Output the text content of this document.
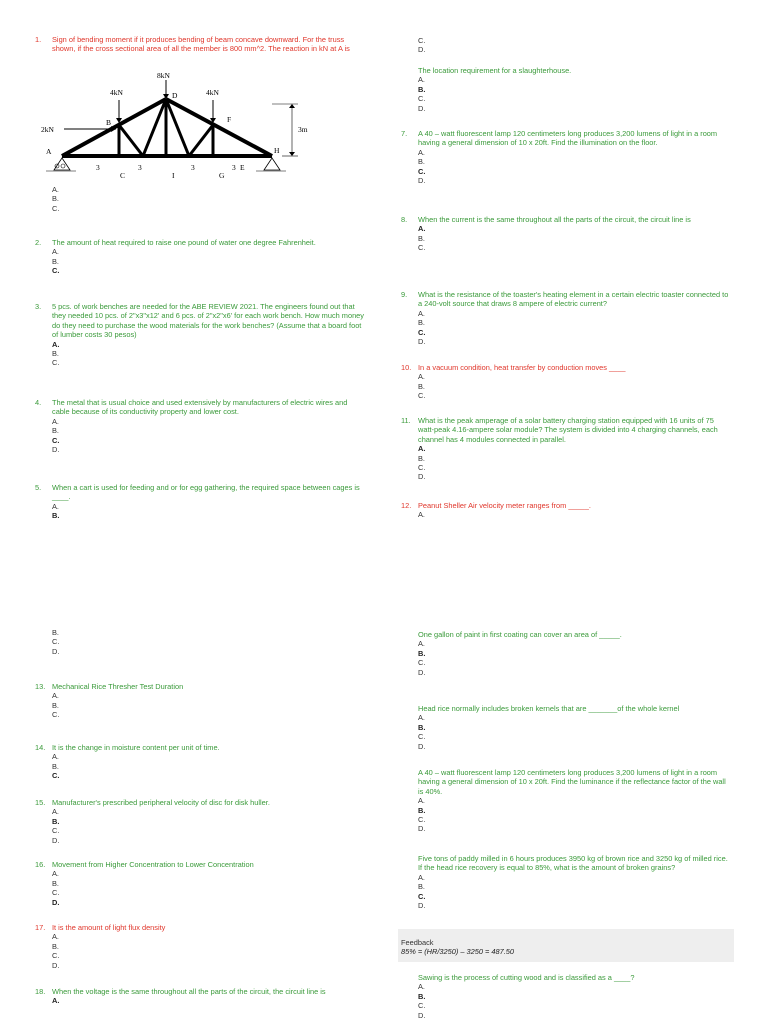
1.	Sign of bending moment if it produces bending of beam concave downward. For the truss shown, if the cross sectional area of all the member is 800 mm^2. The reaction in kN at A is
8kN
4kN	4kN
2kN
A
B
C
D
E
F
G
H
I
3m
3	3	3	3
A.
B.
C.
2.	The amount of heat required to raise one pound of water one degree Fahrenheit.
A.
B.
C.
3.	5 pcs. of work benches are needed for the ABE REVIEW 2021. The engineers found out that they needed 10 pcs. of 2"x3"x12' and 6 pcs. of 2"x2"x6' for each work bench. How much money do they need to purchase the wood materials for the work benches? (Assume that a board foot of lumber costs 30 pesos)
A.
B.
C.
4.	The metal that is usual choice and used extensively by manufacturers of electric wires and cable because of its conductivity property and lower cost.
A.
B.
C.
D.
5.	When a cart is used for feeding and or for egg gathering, the required space between cages is ____.
A.
B.
B.
C.
D.
13. Mechanical Rice Thresher Test Duration
A.
B.
C.
14. It is the change in moisture content per unit of time.
A.
B.
C.
15. Manufacturer's prescribed peripheral velocity of disc for disk huller.
A.
B.
C.
D.
16. Movement from Higher Concentration to Lower Concentration
A.
B.
C.
D.
17. It is the amount of light flux density
A.
B.
C.
D.
18. When the voltage is the same throughout all the parts of the circuit, the circuit line is
A.
C.
D.
The location requirement for a slaughterhouse.
A.
B.
C.
D.
7.	A 40 – watt fluorescent lamp 120 centimeters long produces 3,200 lumens of light in a room having a general dimension of 10 x 20ft. Find the illumination on the floor.
A.
B.
C.
D.
8.	When the current is the same throughout all the parts of the circuit, the circuit line is
A.
B.
C.
9.	What is the resistance of the toaster's heating element in a certain electric toaster connected to a 240-volt source that draws 8 ampere of electric current?
A.
B.
C.
D.
10. In a vacuum condition, heat transfer by conduction moves ____
A.
B.
C.
11. What is the peak amperage of a solar battery charging station equipped with 16 units of 75 watt-peak 4.16-ampere solar module? The system is divided into 4 charging channels, each channel has 4 modules connected in parallel.
A.
B.
C.
D.
12. Peanut Sheller Air velocity meter ranges from _____.
A.
One gallon of paint in first coating can cover an area of _____.
A.
B.
C.
D.
Head rice normally includes broken kernels that are _______of the whole kernel
A.
B.
C.
D.
A 40 – watt fluorescent lamp 120 centimeters long produces 3,200 lumens of light in a room having a general dimension of 10 x 20ft. Find the luminance if the reflectance factor of the wall is 40%.
A.
B.
C.
D.
Five tons of paddy milled in 6 hours produces 3950 kg of brown rice and 3250 kg of milled rice. If the head rice recovery is equal to 85%, what is the amount of broken grains?
A.
B.
C.
D.
Feedback
85% = (HR/3250) – 3250 = 487.50
Sawing is the process of cutting wood and is classified as a ____?
A.
B.
C.
D.
